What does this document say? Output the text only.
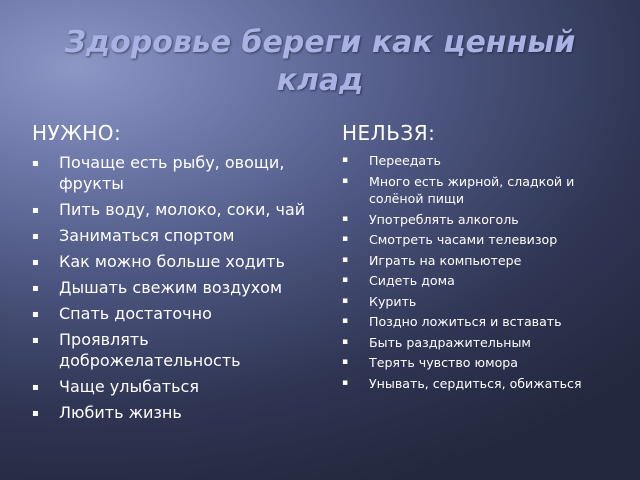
Здоровье береги как ценный клад
НУЖНО:
▪ Почаще есть рыбу, овощи, фрукты
▪ Пить воду, молоко, соки, чай
▪ Заниматься спортом
▪ Как можно больше ходить
▪ Дышать свежим воздухом
▪ Спать достаточно
▪ Проявлять доброжелательность
▪ Чаще улыбаться
▪ Любить жизнь
НЕЛЬЗЯ:
▪ Переедать
▪ Много есть жирной, сладкой и солёной пищи
▪ Употреблять алкоголь
▪ Смотреть часами телевизор
▪ Играть на компьютере
▪ Сидеть дома
▪ Курить
▪ Поздно ложиться и вставать
▪ Быть раздражительным
▪ Терять чувство юмора
▪ Унывать, сердиться, обижаться
